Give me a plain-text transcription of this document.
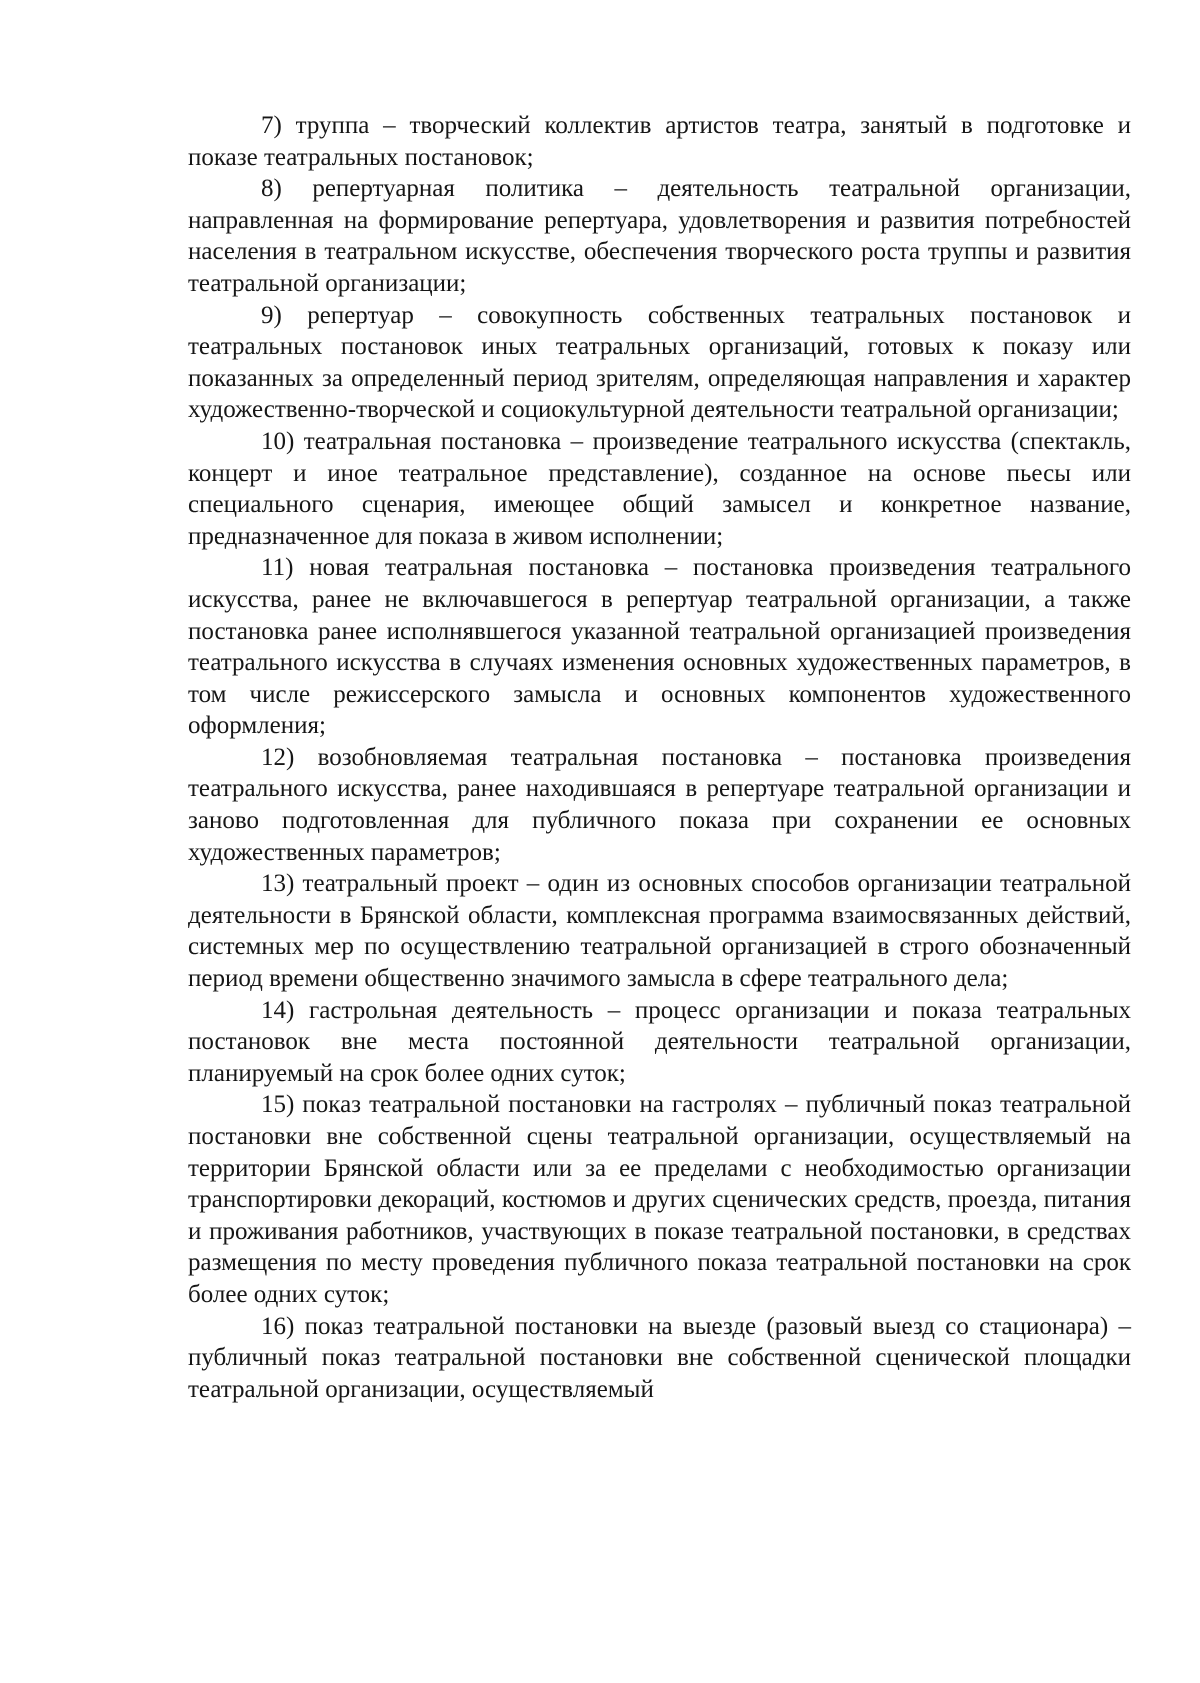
7) труппа – творческий коллектив артистов театра, занятый в подготовке и показе театральных постановок;

8) репертуарная политика – деятельность театральной организации, направленная на формирование репертуара, удовлетворения и развития потребностей населения в театральном искусстве, обеспечения творческого роста труппы и развития театральной организации;

9) репертуар – совокупность собственных театральных постановок и театральных постановок иных театральных организаций, готовых к показу или показанных за определенный период зрителям, определяющая направления и характер художественно-творческой и социокультурной деятельности театральной организации;

10) театральная постановка – произведение театрального искусства (спектакль, концерт и иное театральное представление), созданное на основе пьесы или специального сценария, имеющее общий замысел и конкретное название, предназначенное для показа в живом исполнении;

11) новая театральная постановка – постановка произведения театрального искусства, ранее не включавшегося в репертуар театральной организации, а также постановка ранее исполнявшегося указанной театральной организацией произведения театрального искусства в случаях изменения основных художественных параметров, в том числе режиссерского замысла и основных компонентов художественного оформления;

12) возобновляемая театральная постановка – постановка произведения театрального искусства, ранее находившаяся в репертуаре театральной организации и заново подготовленная для публичного показа при сохранении ее основных художественных параметров;

13) театральный проект – один из основных способов организации театральной деятельности в Брянской области, комплексная программа взаимосвязанных действий, системных мер по осуществлению театральной организацией в строго обозначенный период времени общественно значимого замысла в сфере театрального дела;

14) гастрольная деятельность – процесс организации и показа театральных постановок вне места постоянной деятельности театральной организации, планируемый на срок более одних суток;

15) показ театральной постановки на гастролях – публичный показ театральной постановки вне собственной сцены театральной организации, осуществляемый на территории Брянской области или за ее пределами с необходимостью организации транспортировки декораций, костюмов и других сценических средств, проезда, питания и проживания работников, участвующих в показе театральной постановки, в средствах размещения по месту проведения публичного показа театральной постановки на срок более одних суток;

16) показ театральной постановки на выезде (разовый выезд со стационара) – публичный показ театральной постановки вне собственной сценической площадки театральной организации, осуществляемый
